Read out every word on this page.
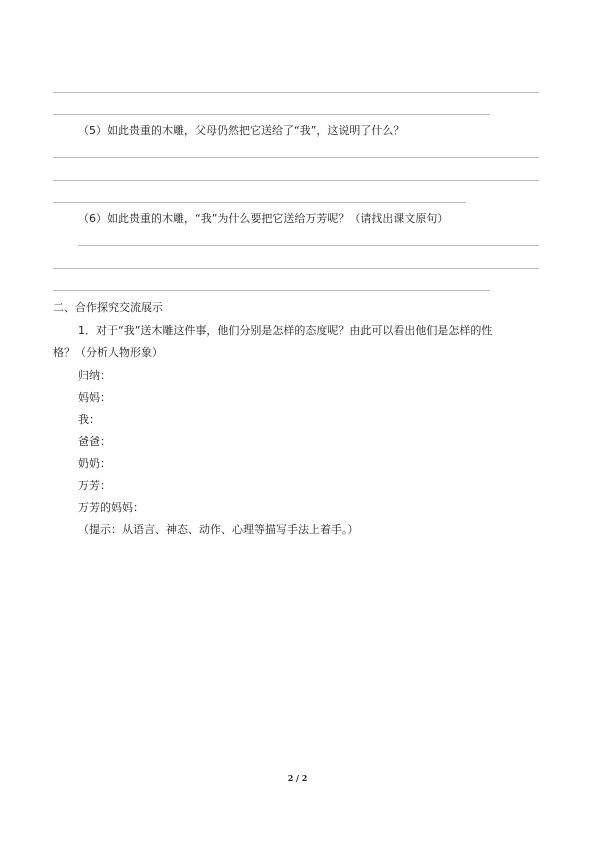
（5）如此贵重的木雕，父母仍然把它送给了“我”，这说明了什么？
（6）如此贵重的木雕，“我”为什么要把它送给万芳呢？（请找出课文原句）
二、合作探究交流展示
1．对于“我”送木雕这件事，他们分别是怎样的态度呢？由此可以看出他们是怎样的性
格？（分析人物形象）
归纳：
妈妈：
我：
爸爸：
奶奶：
万芳：
万芳的妈妈：
（提示：从语言、神态、动作、心理等描写手法上着手。）
2 / 2
